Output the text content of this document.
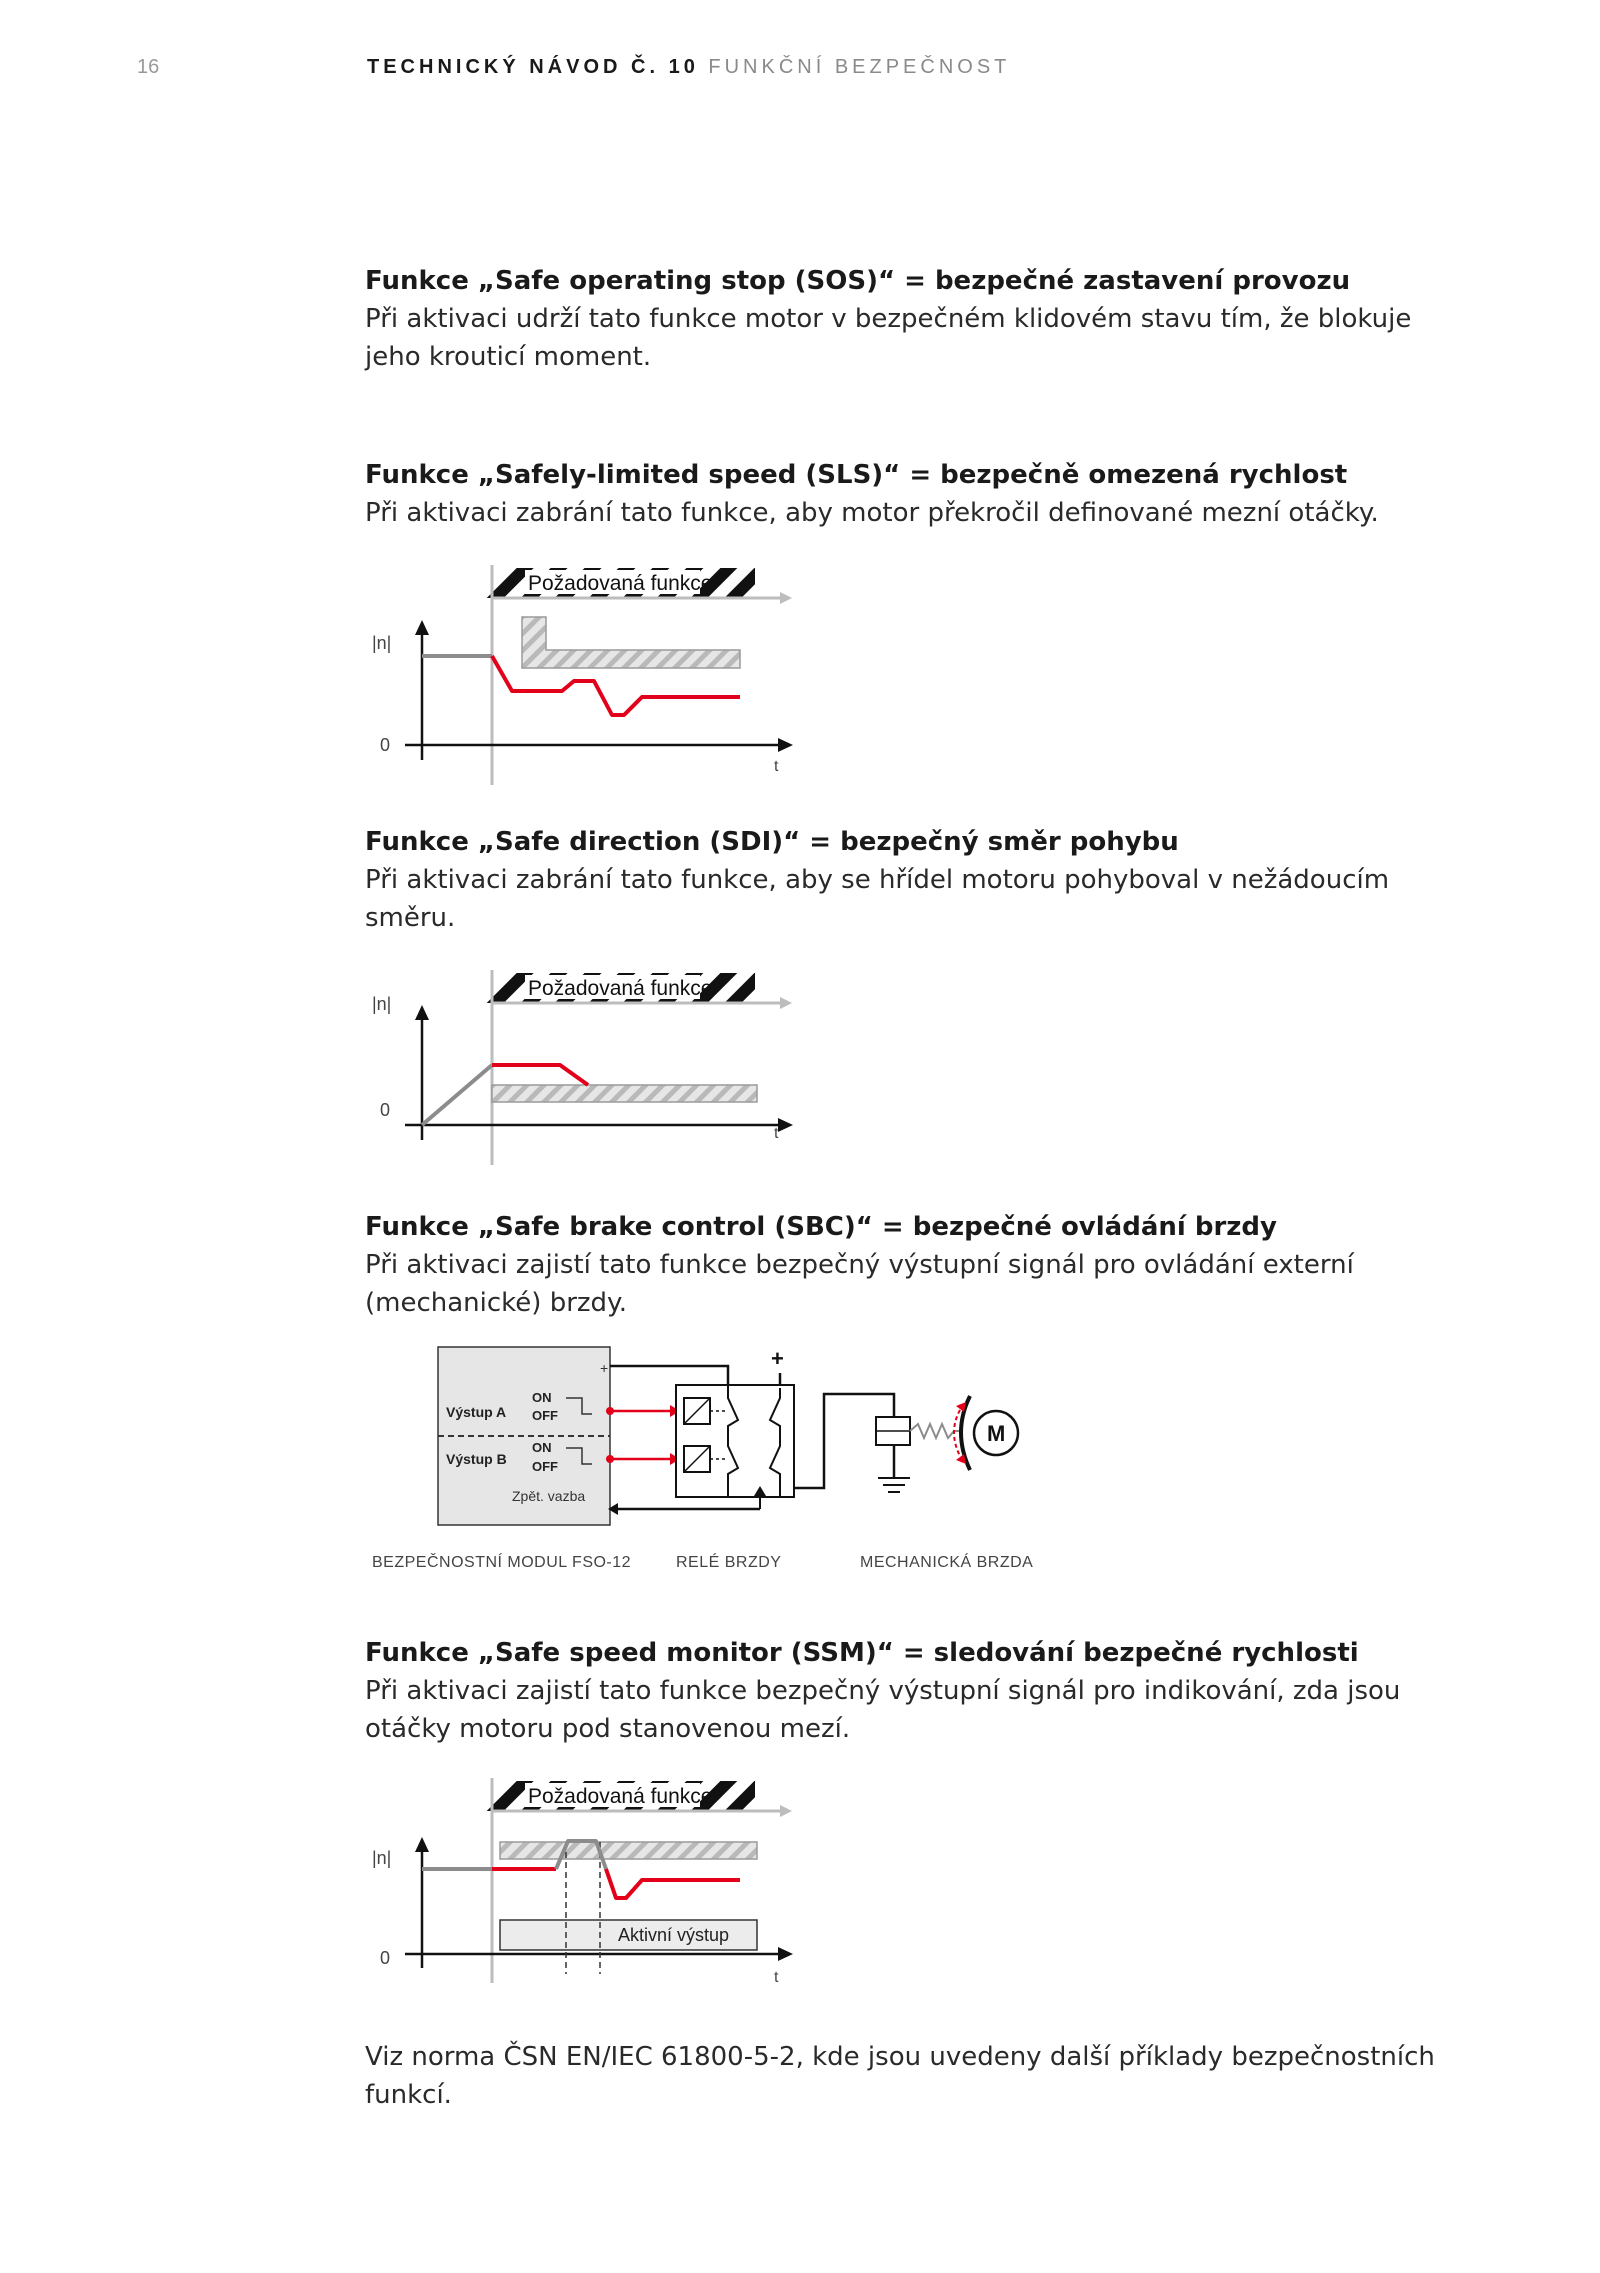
16	TECHNICKÝ NÁVOD Č. 10 FUNKČNÍ BEZPEČNOST

Funkce „Safe operating stop (SOS)“ = bezpečné zastavení provozu

Při aktivaci udrží tato funkce motor v bezpečném klidovém stavu tím, že blokuje jeho krouticí moment.

Funkce „Safely-limited speed (SLS)“ = bezpečně omezená rychlost

Při aktivaci zabrání tato funkce, aby motor překročil definované mezní otáčky.

Požadovaná funkce
|n|
0
t

Funkce „Safe direction (SDI)“ = bezpečný směr pohybu

Při aktivaci zabrání tato funkce, aby se hřídel motoru pohyboval v nežádoucím směru.

Požadovaná funkce
|n|
0
t

Funkce „Safe brake control (SBC)“ = bezpečné ovládání brzdy

Při aktivaci zajistí tato funkce bezpečný výstupní signál pro ovládání externí (mechanické) brzdy.

+
Výstup A
ON
OFF
Výstup B
ON
OFF
Zpět. vazba
+
M
BEZPEČNOSTNÍ MODUL FSO-12	RELÉ BRZDY	MECHANICKÁ BRZDA

Funkce „Safe speed monitor (SSM)“ = sledování bezpečné rychlosti

Při aktivaci zajistí tato funkce bezpečný výstupní signál pro indikování, zda jsou otáčky motoru pod stanovenou mezí.

Požadovaná funkce
|n|
0
t
Aktivní výstup

Viz norma ČSN EN/IEC 61800-5-2, kde jsou uvedeny další příklady bezpečnostních funkcí.
